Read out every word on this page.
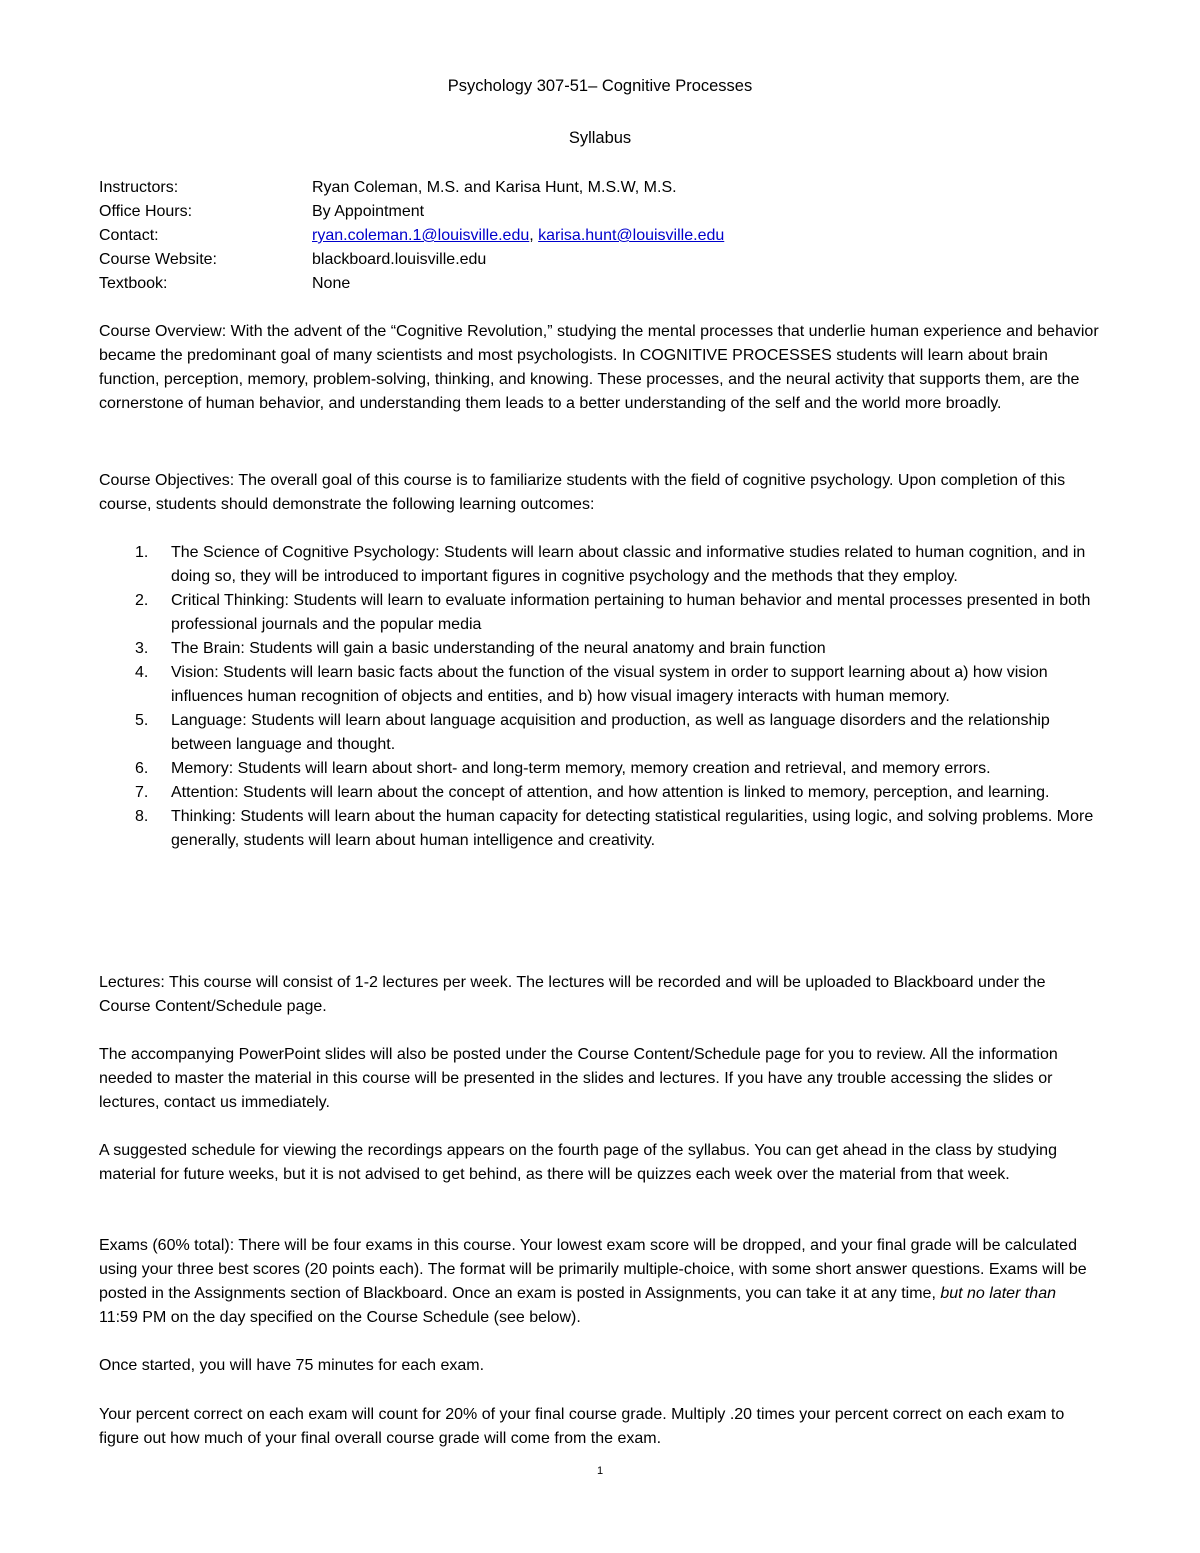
Psychology 307-51– Cognitive Processes
Syllabus
Instructors:	Ryan Coleman, M.S. and Karisa Hunt, M.S.W, M.S.
Office Hours:	By Appointment
Contact:	ryan.coleman.1@louisville.edu, karisa.hunt@louisville.edu
Course Website:	blackboard.louisville.edu
Textbook:	None

Course Overview: With the advent of the “Cognitive Revolution,” studying the mental processes that underlie human experience and behavior became the predominant goal of many scientists and most psychologists. In COGNITIVE PROCESSES students will learn about brain function, perception, memory, problem-solving, thinking, and knowing. These processes, and the neural activity that supports them, are the cornerstone of human behavior, and understanding them leads to a better understanding of the self and the world more broadly.

Course Objectives: The overall goal of this course is to familiarize students with the field of cognitive psychology. Upon completion of this course, students should demonstrate the following learning outcomes:

1. The Science of Cognitive Psychology: Students will learn about classic and informative studies related to human cognition, and in doing so, they will be introduced to important figures in cognitive psychology and the methods that they employ.
2. Critical Thinking: Students will learn to evaluate information pertaining to human behavior and mental processes presented in both professional journals and the popular media
3. The Brain: Students will gain a basic understanding of the neural anatomy and brain function
4. Vision: Students will learn basic facts about the function of the visual system in order to support learning about a) how vision influences human recognition of objects and entities, and b) how visual imagery interacts with human memory.
5. Language: Students will learn about language acquisition and production, as well as language disorders and the relationship between language and thought.
6. Memory: Students will learn about short- and long-term memory, memory creation and retrieval, and memory errors.
7. Attention: Students will learn about the concept of attention, and how attention is linked to memory, perception, and learning.
8. Thinking: Students will learn about the human capacity for detecting statistical regularities, using logic, and solving problems. More generally, students will learn about human intelligence and creativity.

Lectures: This course will consist of 1-2 lectures per week. The lectures will be recorded and will be uploaded to Blackboard under the Course Content/Schedule page.

The accompanying PowerPoint slides will also be posted under the Course Content/Schedule page for you to review. All the information needed to master the material in this course will be presented in the slides and lectures. If you have any trouble accessing the slides or lectures, contact us immediately.

A suggested schedule for viewing the recordings appears on the fourth page of the syllabus. You can get ahead in the class by studying material for future weeks, but it is not advised to get behind, as there will be quizzes each week over the material from that week.

Exams (60% total): There will be four exams in this course. Your lowest exam score will be dropped, and your final grade will be calculated using your three best scores (20 points each). The format will be primarily multiple-choice, with some short answer questions. Exams will be posted in the Assignments section of Blackboard. Once an exam is posted in Assignments, you can take it at any time, but no later than 11:59 PM on the day specified on the Course Schedule (see below).

Once started, you will have 75 minutes for each exam.

Your percent correct on each exam will count for 20% of your final course grade. Multiply .20 times your percent correct on each exam to figure out how much of your final overall course grade will come from the exam.

1
